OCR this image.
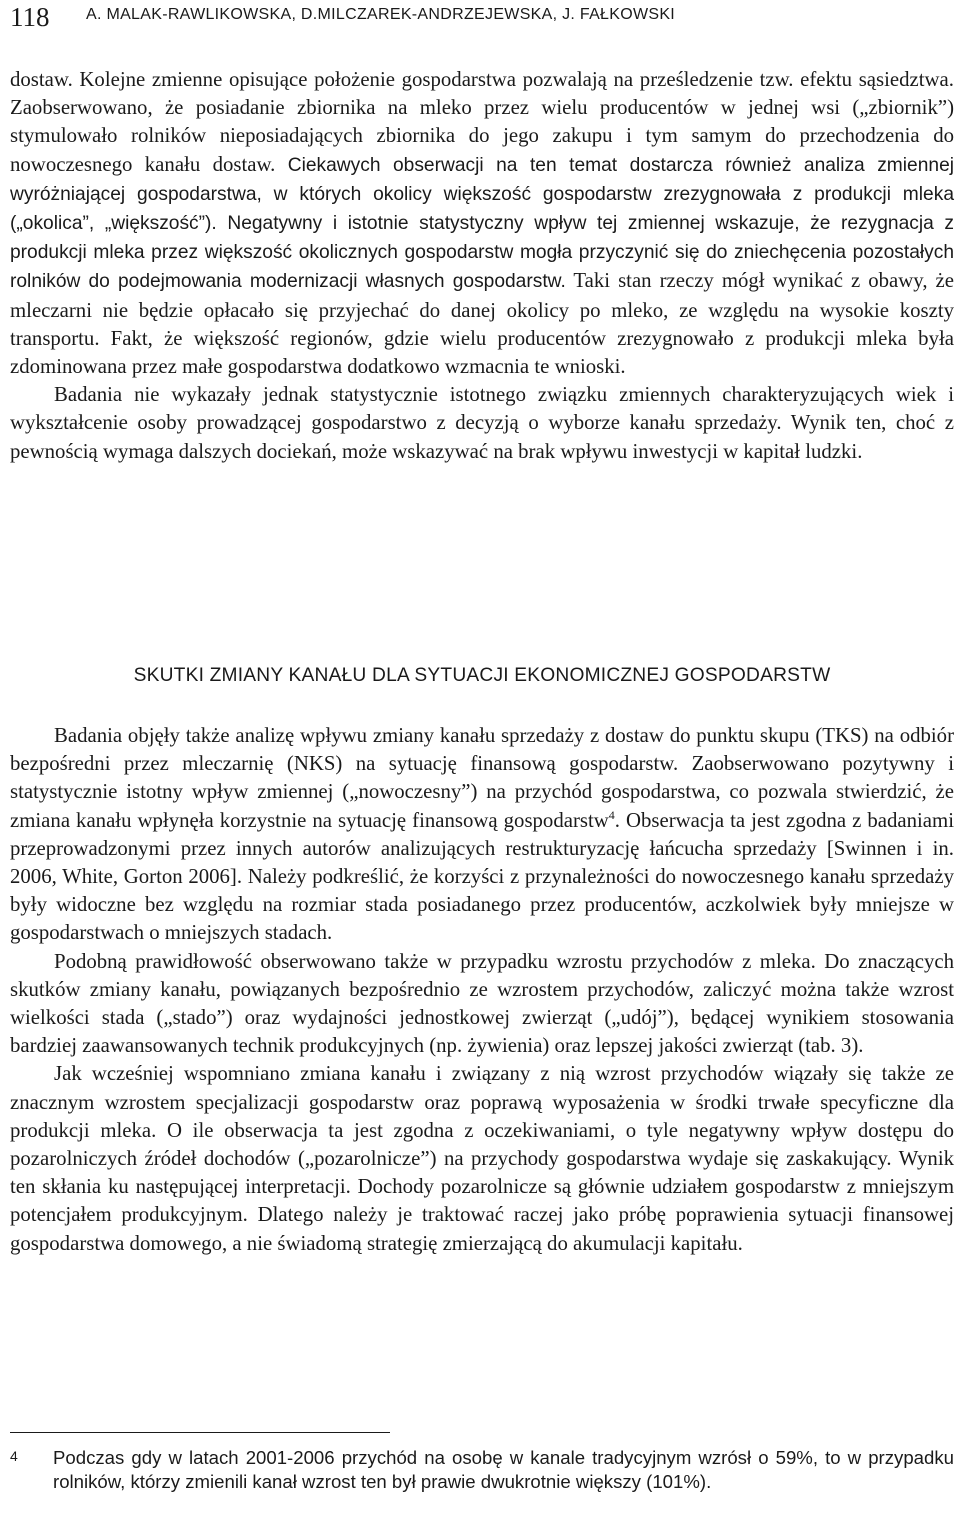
118 A. MALAK-RAWLIKOWSKA, D.MILCZAREK-ANDRZEJEWSKA, J. FAŁKOWSKI

dostaw. Kolejne zmienne opisujące położenie gospodarstwa pozwalają na prześledzenie tzw. efektu sąsiedztwa. Zaobserwowano, że posiadanie zbiornika na mleko przez wielu producentów w jednej wsi („zbiornik”) stymulowało rolników nieposiadających zbiornika do jego zakupu i tym samym do przechodzenia do nowoczesnego kanału dostaw. Ciekawych obserwacji na ten temat dostarcza również analiza zmiennej wyróżniającej gospodarstwa, w których okolicy większość gospodarstw zrezygnowała z produkcji mleka („okolica”, „większość”). Negatywny i istotnie statystyczny wpływ tej zmiennej wskazuje, że rezygnacja z produkcji mleka przez większość okolicznych gospodarstw mogła przyczynić się do zniechęcenia pozostałych rolników do podejmowania modernizacji własnych gospodarstw. Taki stan rzeczy mógł wynikać z obawy, że mleczarni nie będzie opłacało się przyjechać do danej okolicy po mleko, ze względu na wysokie koszty transportu. Fakt, że większość regionów, gdzie wielu producentów zrezygnowało z produkcji mleka była zdominowana przez małe gospodarstwa dodatkowo wzmacnia te wnioski.

Badania nie wykazały jednak statystycznie istotnego związku zmiennych charakteryzujących wiek i wykształcenie osoby prowadzącej gospodarstwo z decyzją o wyborze kanału sprzedaży. Wynik ten, choć z pewnością wymaga dalszych dociekań, może wskazywać na brak wpływu inwestycji w kapitał ludzki.

SKUTKI ZMIANY KANAŁU DLA SYTUACJI EKONOMICZNEJ GOSPODARSTW

Badania objęły także analizę wpływu zmiany kanału sprzedaży z dostaw do punktu skupu (TKS) na odbiór bezpośredni przez mleczarnię (NKS) na sytuację finansową gospodarstw. Zaobserwowano pozytywny i statystycznie istotny wpływ zmiennej („nowoczesny”) na przychód gospodarstwa, co pozwala stwierdzić, że zmiana kanału wpłynęła korzystnie na sytuację finansową gospodarstw$^4$. Obserwacja ta jest zgodna z badaniami przeprowadzonymi przez innych autorów analizujących restrukturyzację łańcucha sprzedaży [Swinnen i in. 2006, White, Gorton 2006]. Należy podkreślić, że korzyści z przynależności do nowoczesnego kanału sprzedaży były widoczne bez względu na rozmiar stada posiadanego przez producentów, aczkolwiek były mniejsze w gospodarstwach o mniejszych stadach.

Podobną prawidłowość obserwowano także w przypadku wzrostu przychodów z mleka. Do znaczących skutków zmiany kanału, powiązanych bezpośrednio ze wzrostem przychodów, zaliczyć można także wzrost wielkości stada („stado”) oraz wydajności jednostkowej zwierząt („udój”), będącej wynikiem stosowania bardziej zaawansowanych technik produkcyjnych (np. żywienia) oraz lepszej jakości zwierząt (tab. 3).

Jak wcześniej wspomniano zmiana kanału i związany z nią wzrost przychodów wiązały się także ze znacznym wzrostem specjalizacji gospodarstw oraz poprawą wyposażenia w środki trwałe specyficzne dla produkcji mleka. O ile obserwacja ta jest zgodna z oczekiwaniami, o tyle negatywny wpływ dostępu do pozarolniczych źródeł dochodów („pozarolnicze”) na przychody gospodarstwa wydaje się zaskakujący. Wynik ten skłania ku następującej interpretacji. Dochody pozarolnicze są głównie udziałem gospodarstw z mniejszym potencjałem produkcyjnym. Dlatego należy je traktować raczej jako próbę poprawienia sytuacji finansowej gospodarstwa domowego, a nie świadomą strategię zmierzającą do akumulacji kapitału.

4 Podczas gdy w latach 2001-2006 przychód na osobę w kanale tradycyjnym wzrósł o 59%, to w przypadku rolników, którzy zmienili kanał wzrost ten był prawie dwukrotnie większy (101%).
